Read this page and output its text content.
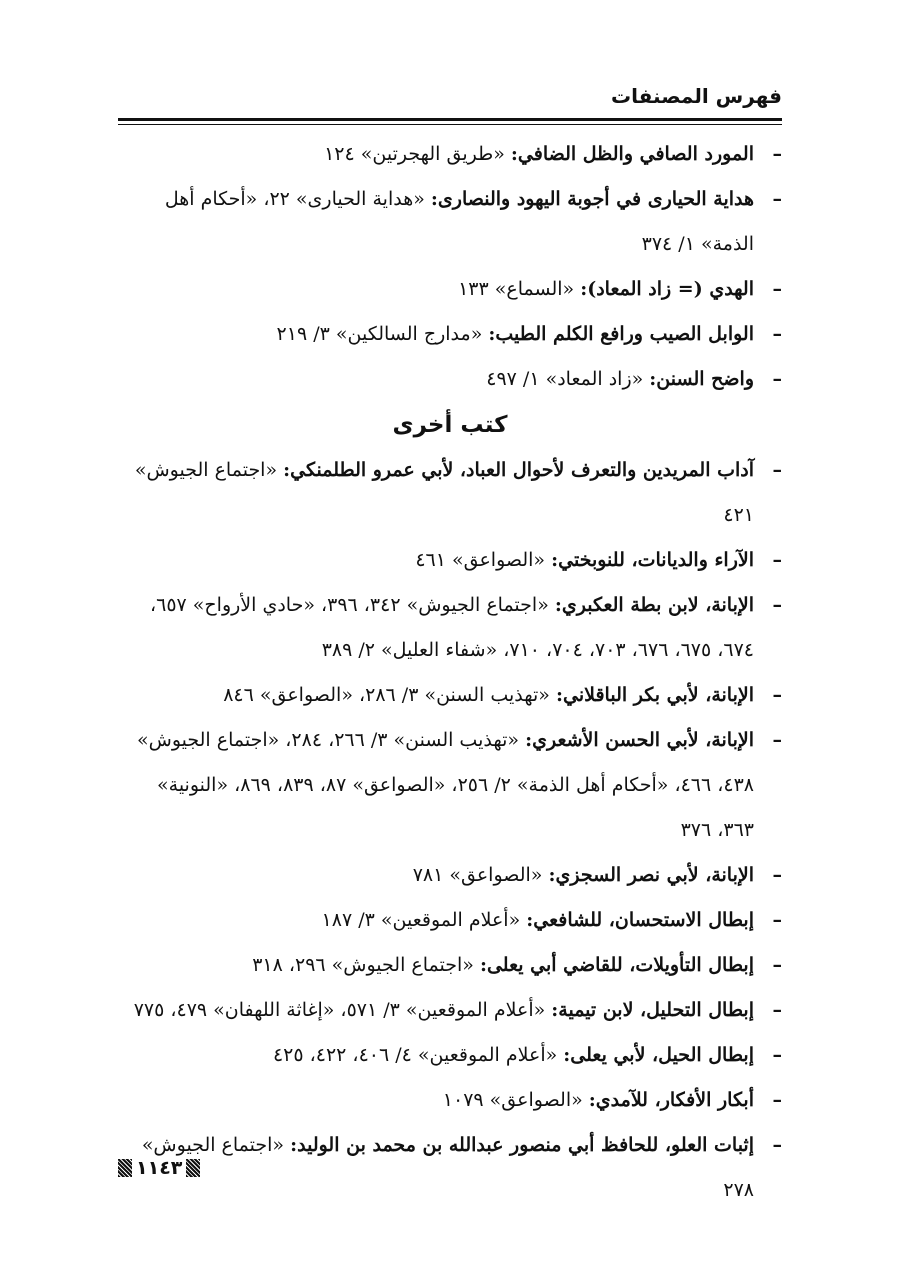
فهرس المصنفات
–
المورد الصافي والظل الضافي: «طريق الهجرتين» ١٢٤
–
هداية الحيارى في أجوبة اليهود والنصارى: «هداية الحيارى» ٢٢، «أحكام أهل الذمة» ١/ ٣٧٤
–
الهدي (= زاد المعاد): «السماع» ١٣٣
–
الوابل الصيب ورافع الكلم الطيب: «مدارج السالكين» ٣/ ٢١٩
–
واضح السنن: «زاد المعاد» ١/ ٤٩٧
كتب أخرى
–
آداب المريدين والتعرف لأحوال العباد، لأبي عمرو الطلمنكي: «اجتماع الجيوش» ٤٢١
–
الآراء والديانات، للنوبختي: «الصواعق» ٤٦١
–
الإبانة، لابن بطة العكبري: «اجتماع الجيوش» ٣٤٢، ٣٩٦، «حادي الأرواح» ٦٥٧، ٦٧٤، ٦٧٥، ٦٧٦، ٧٠٣، ٧٠٤، ٧١٠، «شفاء العليل» ٢/ ٣٨٩
–
الإبانة، لأبي بكر الباقلاني: «تهذيب السنن» ٣/ ٢٨٦، «الصواعق» ٨٤٦
–
الإبانة، لأبي الحسن الأشعري: «تهذيب السنن» ٣/ ٢٦٦، ٢٨٤، «اجتماع الجيوش» ٤٣٨، ٤٦٦، «أحكام أهل الذمة» ٢/ ٢٥٦، «الصواعق» ٨٧، ٨٣٩، ٨٦٩، «النونية» ٣٦٣، ٣٧٦
–
الإبانة، لأبي نصر السجزي: «الصواعق» ٧٨١
–
إبطال الاستحسان، للشافعي: «أعلام الموقعين» ٣/ ١٨٧
–
إبطال التأويلات، للقاضي أبي يعلى: «اجتماع الجيوش» ٢٩٦، ٣١٨
–
إبطال التحليل، لابن تيمية: «أعلام الموقعين» ٣/ ٥٧١، «إغاثة اللهفان» ٤٧٩، ٧٧٥
–
إبطال الحيل، لأبي يعلى: «أعلام الموقعين» ٤/ ٤٠٦، ٤٢٢، ٤٢٥
–
أبكار الأفكار، للآمدي: «الصواعق» ١٠٧٩
–
إثبات العلو، للحافظ أبي منصور عبدالله بن محمد بن الوليد: «اجتماع الجيوش» ٢٧٨
١١٤٣
